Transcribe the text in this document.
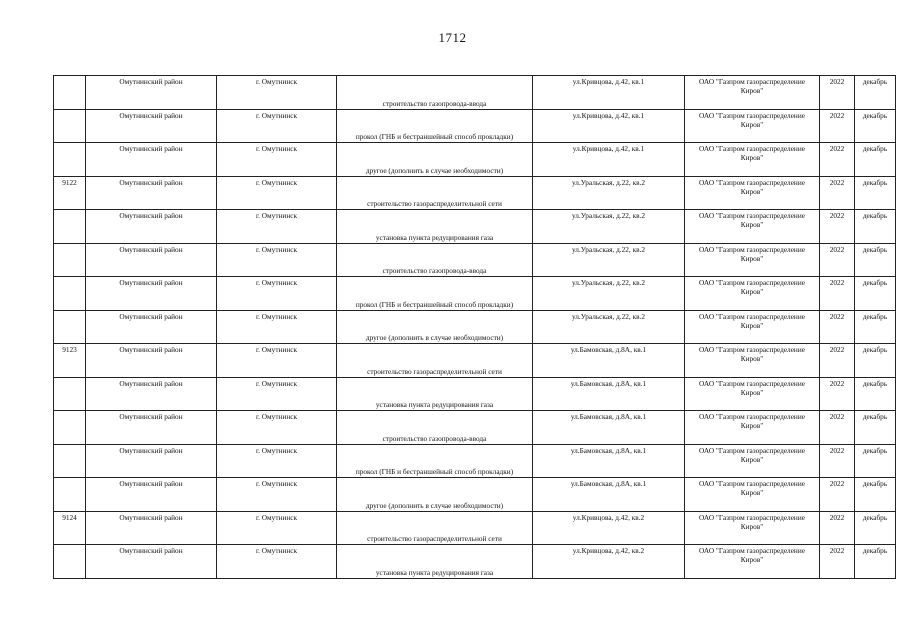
1712

	Омутнинский район	г. Омутнинск	строительство газопровода-ввода	ул.Кривцова, д.42, кв.1	ОАО "Газпром газораспределение Киров"	2022	декабрь

	Омутнинский район	г. Омутнинск	прокол (ГНБ и бестраншейный способ прокладки)	ул.Кривцова, д.42, кв.1	ОАО "Газпром газораспределение Киров"	2022	декабрь

	Омутнинский район	г. Омутнинск	другое (дополнить в случае необходимости)	ул.Кривцова, д.42, кв.1	ОАО "Газпром газораспределение Киров"	2022	декабрь

9122	Омутнинский район	г. Омутнинск	строительство газораспределительной сети	ул.Уральская, д.22, кв.2	ОАО "Газпром газораспределение Киров"	2022	декабрь

	Омутнинский район	г. Омутнинск	установка пункта редуцирования газа	ул.Уральская, д.22, кв.2	ОАО "Газпром газораспределение Киров"	2022	декабрь

	Омутнинский район	г. Омутнинск	строительство газопровода-ввода	ул.Уральская, д.22, кв.2	ОАО "Газпром газораспределение Киров"	2022	декабрь

	Омутнинский район	г. Омутнинск	прокол (ГНБ и бестраншейный способ прокладки)	ул.Уральская, д.22, кв.2	ОАО "Газпром газораспределение Киров"	2022	декабрь

	Омутнинский район	г. Омутнинск	другое (дополнить в случае необходимости)	ул.Уральская, д.22, кв.2	ОАО "Газпром газораспределение Киров"	2022	декабрь

9123	Омутнинский район	г. Омутнинск	строительство газораспределительной сети	ул.Бамовская, д.8А, кв.1	ОАО "Газпром газораспределение Киров"	2022	декабрь

	Омутнинский район	г. Омутнинск	установка пункта редуцирования газа	ул.Бамовская, д.8А, кв.1	ОАО "Газпром газораспределение Киров"	2022	декабрь

	Омутнинский район	г. Омутнинск	строительство газопровода-ввода	ул.Бамовская, д.8А, кв.1	ОАО "Газпром газораспределение Киров"	2022	декабрь

	Омутнинский район	г. Омутнинск	прокол (ГНБ и бестраншейный способ прокладки)	ул.Бамовская, д.8А, кв.1	ОАО "Газпром газораспределение Киров"	2022	декабрь

	Омутнинский район	г. Омутнинск	другое (дополнить в случае необходимости)	ул.Бамовская, д.8А, кв.1	ОАО "Газпром газораспределение Киров"	2022	декабрь

9124	Омутнинский район	г. Омутнинск	строительство газораспределительной сети	ул.Кривцова, д.42, кв.2	ОАО "Газпром газораспределение Киров"	2022	декабрь

	Омутнинский район	г. Омутнинск	установка пункта редуцирования газа	ул.Кривцова, д.42, кв.2	ОАО "Газпром газораспределение Киров"	2022	декабрь
